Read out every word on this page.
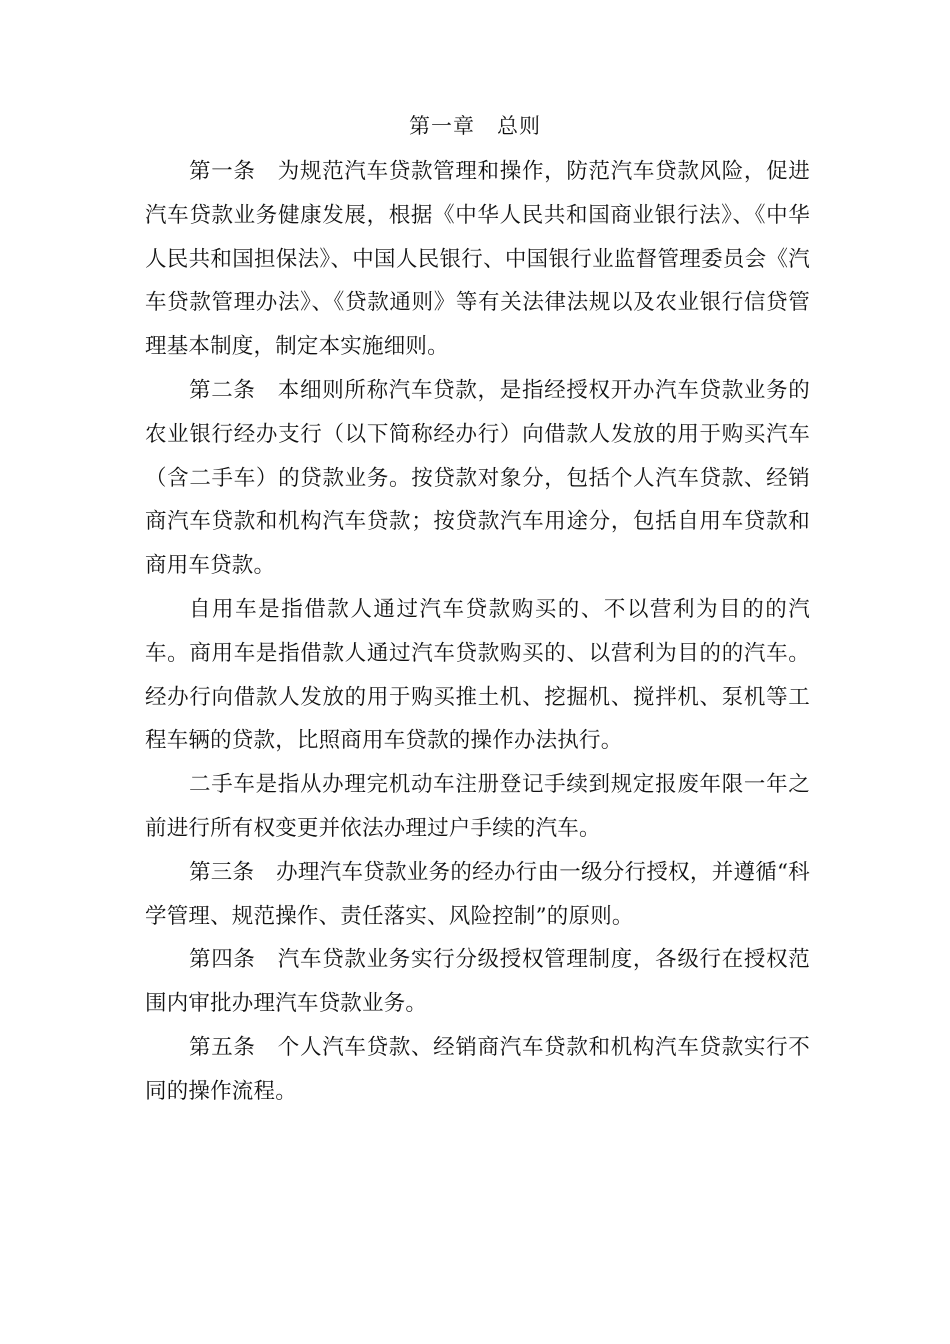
第一章　总则

第一条　为规范汽车贷款管理和操作，防范汽车贷款风险，促进汽车贷款业务健康发展，根据《中华人民共和国商业银行法》、《中华人民共和国担保法》、中国人民银行、中国银行业监督管理委员会《汽车贷款管理办法》、《贷款通则》等有关法律法规以及农业银行信贷管理基本制度，制定本实施细则。

第二条　本细则所称汽车贷款，是指经授权开办汽车贷款业务的农业银行经办支行（以下简称经办行）向借款人发放的用于购买汽车（含二手车）的贷款业务。按贷款对象分，包括个人汽车贷款、经销商汽车贷款和机构汽车贷款；按贷款汽车用途分，包括自用车贷款和商用车贷款。

自用车是指借款人通过汽车贷款购买的、不以营利为目的的汽车。商用车是指借款人通过汽车贷款购买的、以营利为目的的汽车。经办行向借款人发放的用于购买推土机、挖掘机、搅拌机、泵机等工程车辆的贷款，比照商用车贷款的操作办法执行。

二手车是指从办理完机动车注册登记手续到规定报废年限一年之前进行所有权变更并依法办理过户手续的汽车。

第三条　办理汽车贷款业务的经办行由一级分行授权，并遵循“科学管理、规范操作、责任落实、风险控制”的原则。

第四条　汽车贷款业务实行分级授权管理制度，各级行在授权范围内审批办理汽车贷款业务。

第五条　个人汽车贷款、经销商汽车贷款和机构汽车贷款实行不同的操作流程。
